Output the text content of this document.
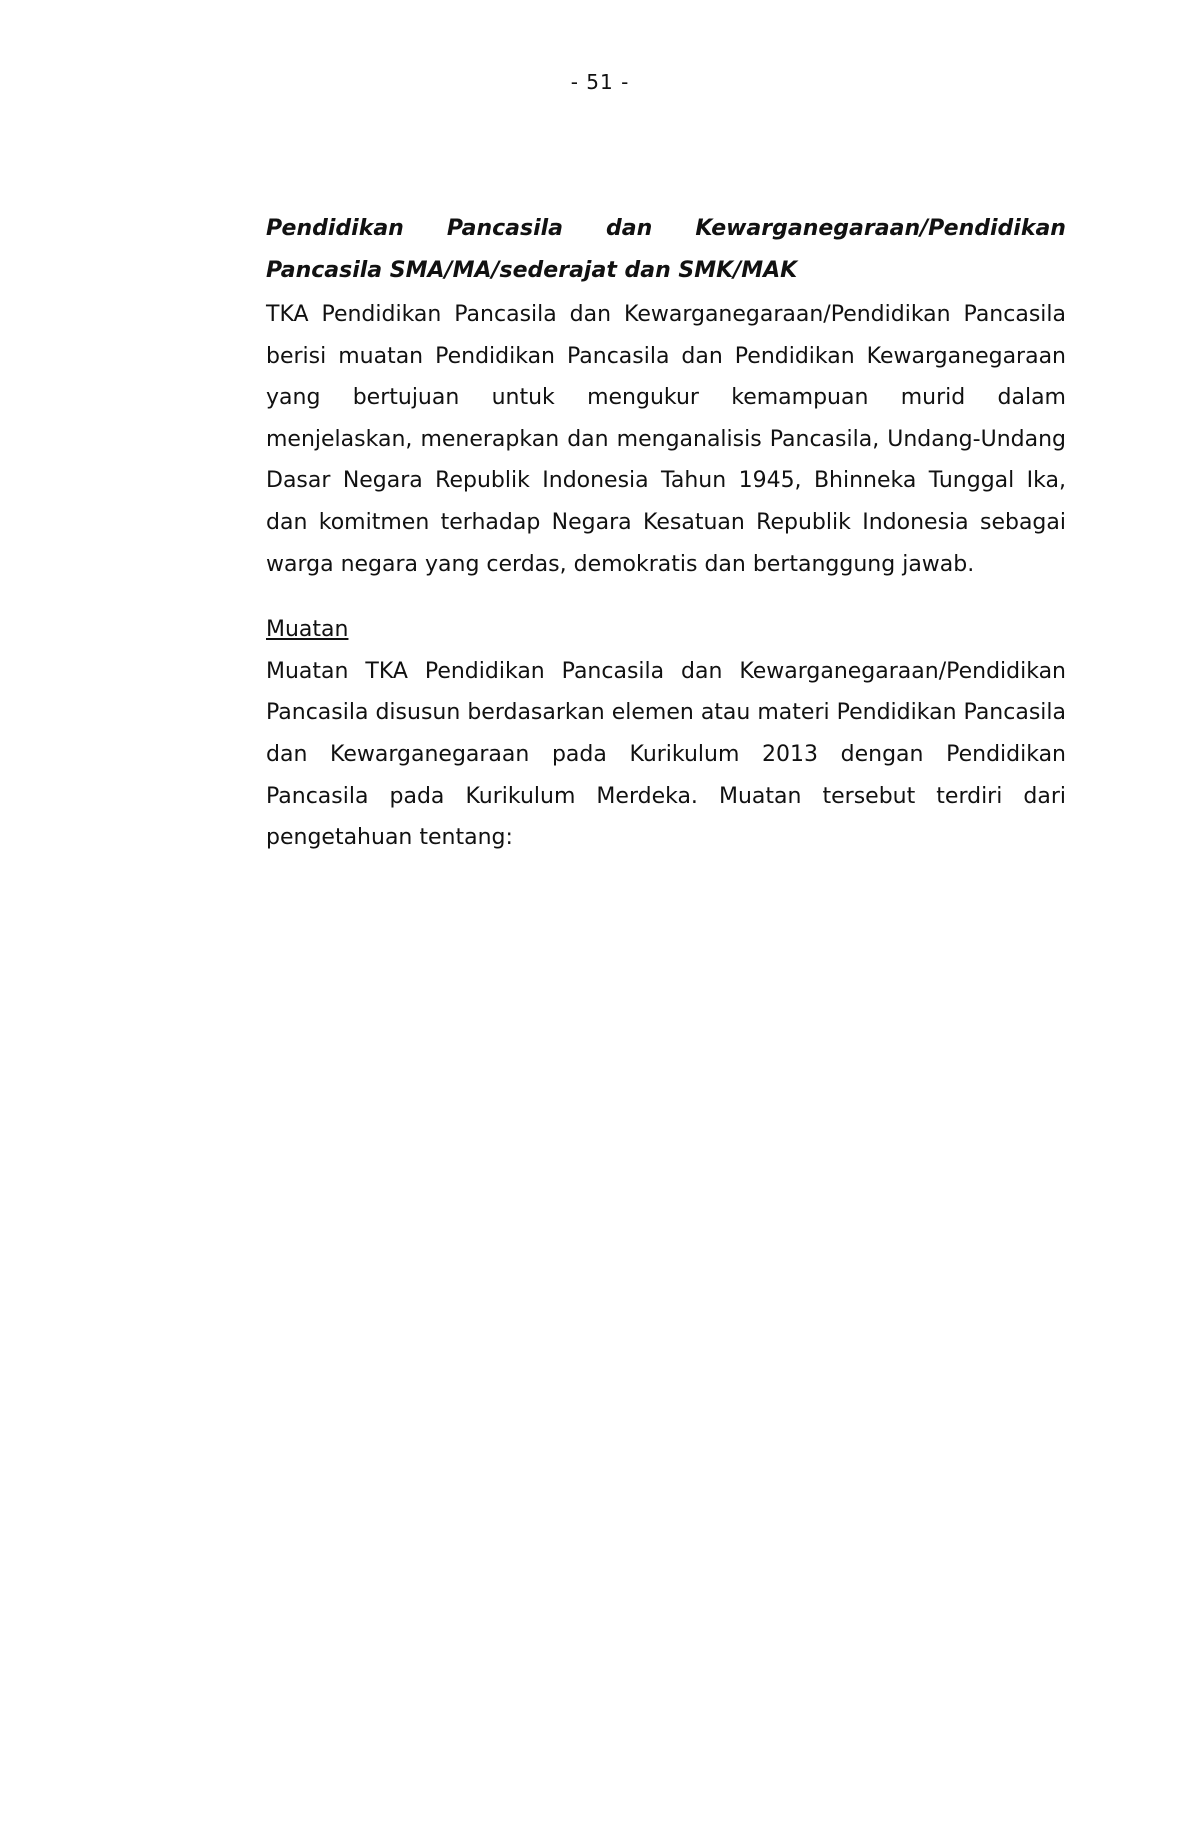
- 51 -
Pendidikan Pancasila dan Kewarganegaraan/Pendidikan
Pancasila SMA/MA/sederajat dan SMK/MAK

TKA Pendidikan Pancasila dan Kewarganegaraan/Pendidikan Pancasila berisi muatan Pendidikan Pancasila dan Pendidikan Kewarganegaraan yang bertujuan untuk mengukur kemampuan murid dalam menjelaskan, menerapkan dan menganalisis Pancasila, Undang-Undang Dasar Negara Republik Indonesia Tahun 1945, Bhinneka Tunggal Ika, dan komitmen terhadap Negara Kesatuan Republik Indonesia sebagai warga negara yang cerdas, demokratis dan bertanggung jawab.

Muatan

Muatan TKA Pendidikan Pancasila dan Kewarganegaraan/Pendidikan Pancasila disusun berdasarkan elemen atau materi Pendidikan Pancasila dan Kewarganegaraan pada Kurikulum 2013 dengan Pendidikan Pancasila pada Kurikulum Merdeka. Muatan tersebut terdiri dari pengetahuan tentang:
